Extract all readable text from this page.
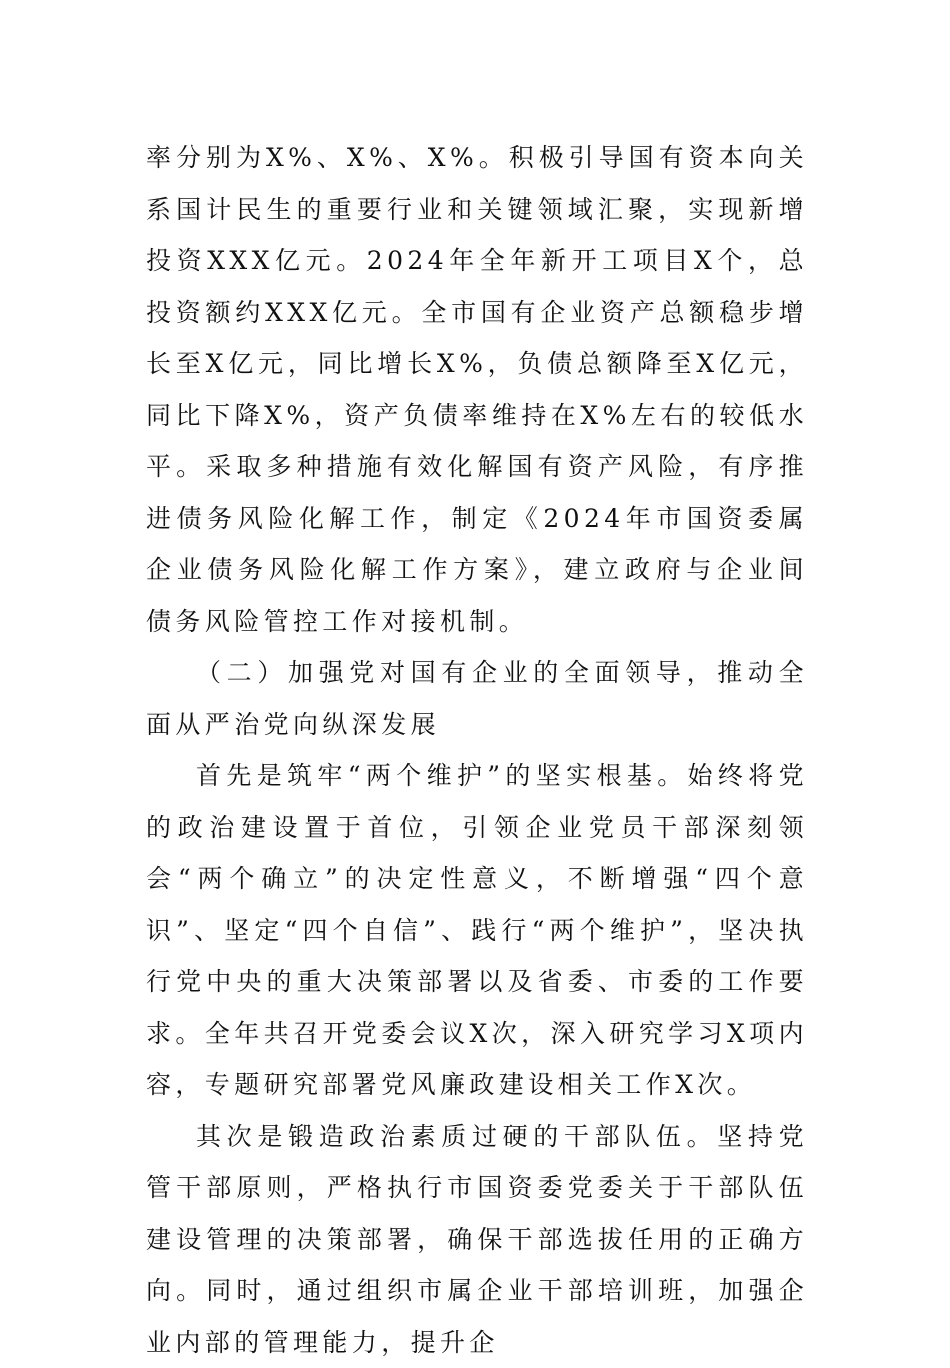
率分别为X%、X%、X%。积极引导国有资本向关系国计民生的重要行业和关键领域汇聚，实现新增投资XXX亿元。2024年全年新开工项目X个，总投资额约XXX亿元。全市国有企业资产总额稳步增长至X亿元，同比增长X%，负债总额降至X亿元，同比下降X%，资产负债率维持在X%左右的较低水平。采取多种措施有效化解国有资产风险，有序推进债务风险化解工作，制定《2024年市国资委属企业债务风险化解工作方案》，建立政府与企业间债务风险管控工作对接机制。

（二）加强党对国有企业的全面领导，推动全面从严治党向纵深发展

首先是筑牢“两个维护”的坚实根基。始终将党的政治建设置于首位，引领企业党员干部深刻领会“两个确立”的决定性意义，不断增强“四个意识”、坚定“四个自信”、践行“两个维护”，坚决执行党中央的重大决策部署以及省委、市委的工作要求。全年共召开党委会议X次，深入研究学习X项内容，专题研究部署党风廉政建设相关工作X次。

其次是锻造政治素质过硬的干部队伍。坚持党管干部原则，严格执行市国资委党委关于干部队伍建设管理的决策部署，确保干部选拔任用的正确方向。同时，通过组织市属企业干部培训班，加强企业内部的管理能力，提升企
